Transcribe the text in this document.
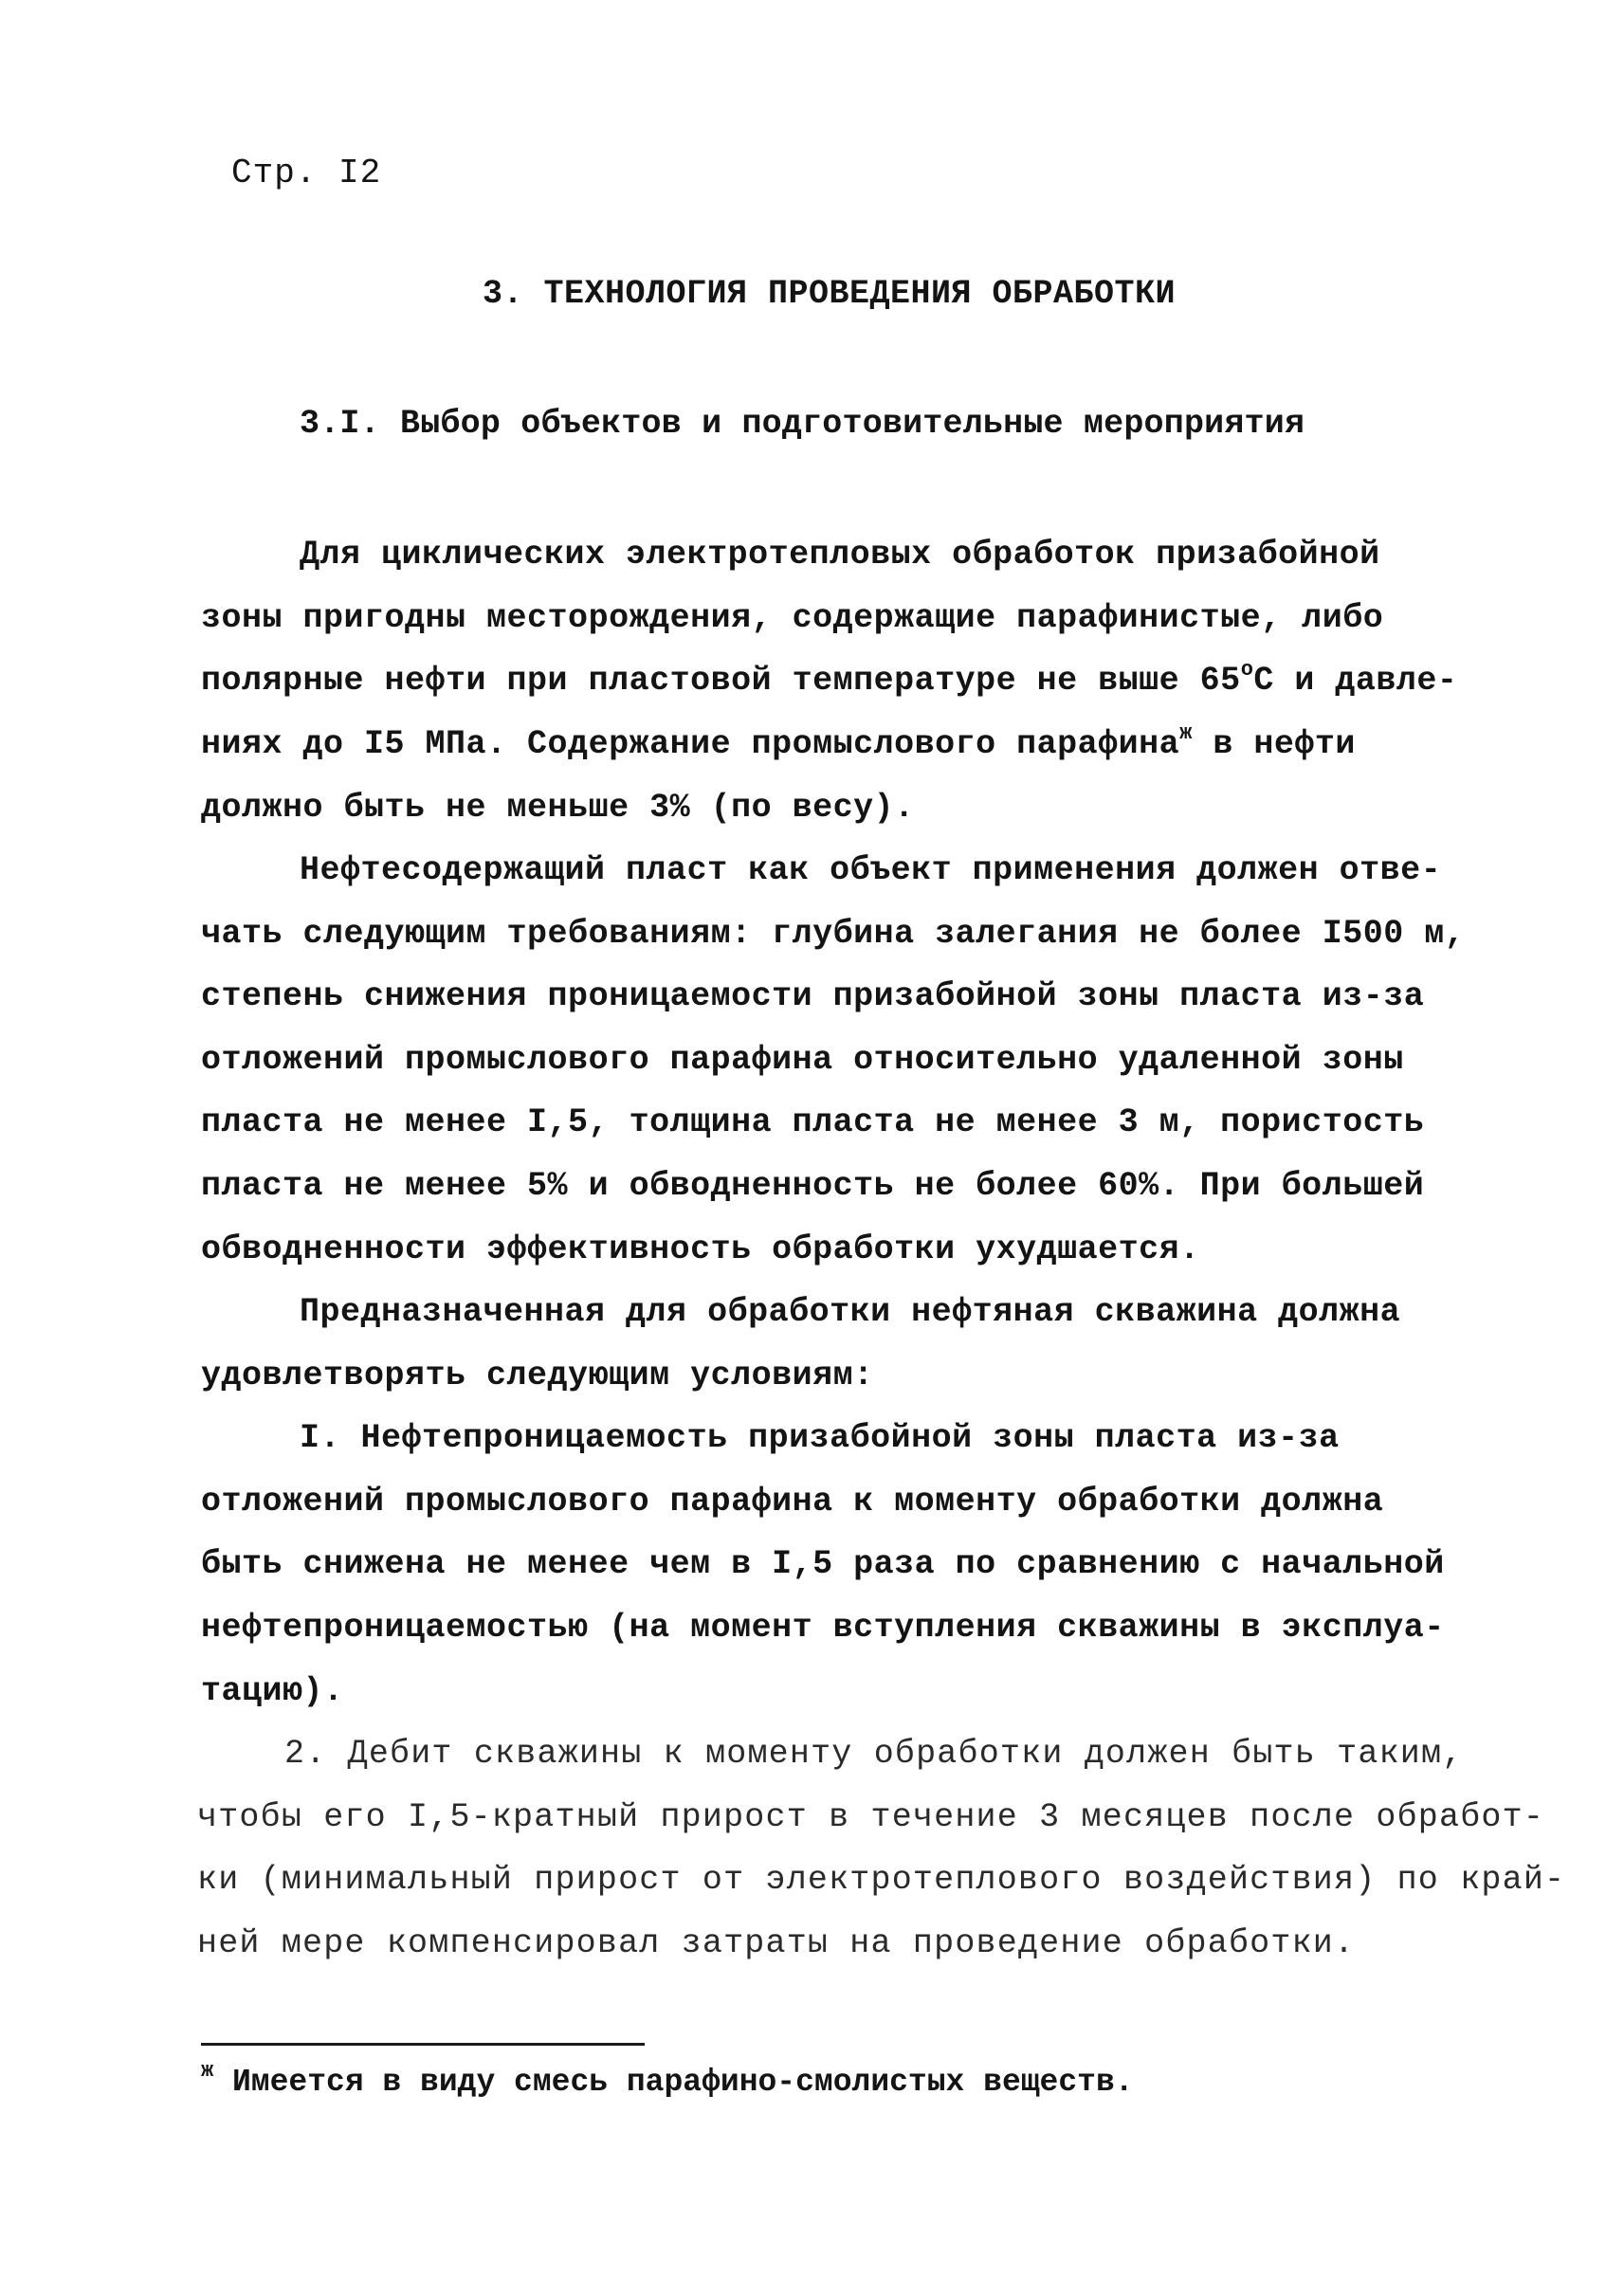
Стр. I2
3. ТЕХНОЛОГИЯ ПРОВЕДЕНИЯ ОБРАБОТКИ
3.I. Выбор объектов и подготовительные мероприятия
Для циклических электротепловых обработок призабойной
зоны пригодны месторождения, содержащие парафинистые, либо
полярные нефти при пластовой температуре не выше $65^оС$ и давле-
ниях до I5 МПа. Содержание промыслового парафина$^ж$ в нефти
должно быть не меньше 3% (по весу).
Нефтесодержащий пласт как объект применения должен отве-
чать следующим требованиям: глубина залегания не более I500 м,
степень снижения проницаемости призабойной зоны пласта из-за
отложений промыслового парафина относительно удаленной зоны
пласта не менее I,5, толщина пласта не менее 3 м, пористость
пласта не менее 5% и обводненность не более 60%. При большей
обводненности эффективность обработки ухудшается.
Предназначенная для обработки нефтяная скважина должна
удовлетворять следующим условиям:
I. Нефтепроницаемость призабойной зоны пласта из-за
отложений промыслового парафина к моменту обработки должна
быть снижена не менее чем в I,5 раза по сравнению с начальной
нефтепроницаемостью (на момент вступления скважины в эксплуа-
тацию).
2. Дебит скважины к моменту обработки должен быть таким,
чтобы его I,5-кратный прирост в течение 3 месяцев после обработ-
ки (минимальный прирост от электротеплового воздействия) по край-
ней мере компенсировал затраты на проведение обработки.
$^ж$ Имеется в виду смесь парафино-смолистых веществ.
